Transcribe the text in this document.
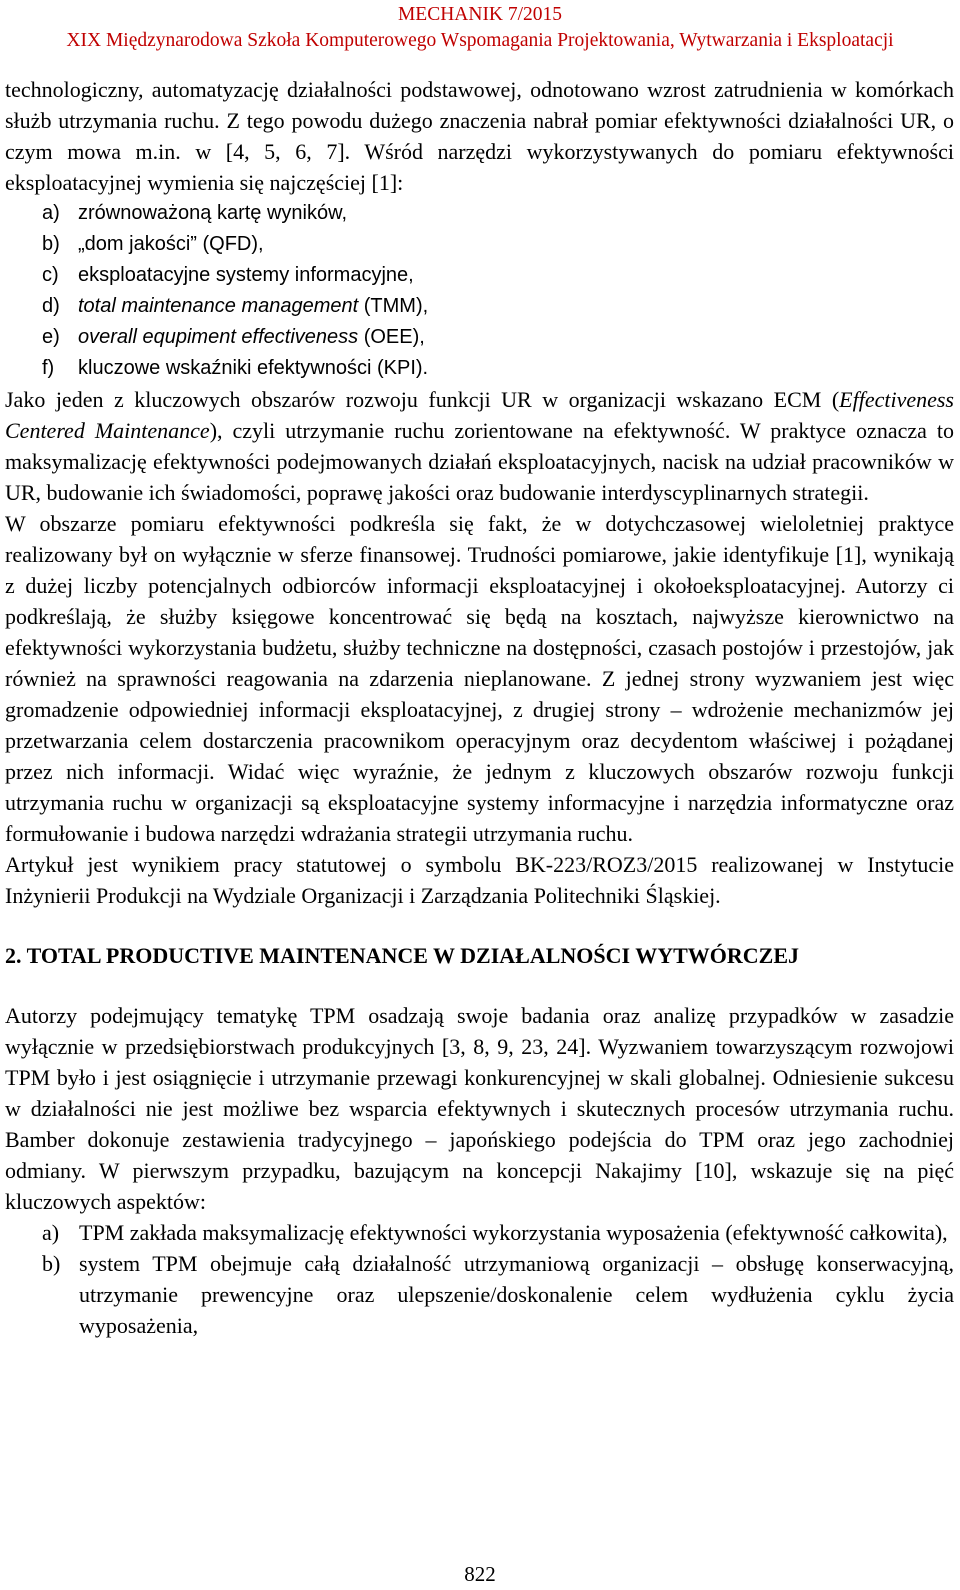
MECHANIK 7/2015
XIX Międzynarodowa Szkoła Komputerowego Wspomagania Projektowania, Wytwarzania i Eksploatacji

technologiczny, automatyzację działalności podstawowej, odnotowano wzrost zatrudnienia w komórkach służb utrzymania ruchu. Z tego powodu dużego znaczenia nabrał pomiar efektywności działalności UR, o czym mowa m.in. w [4, 5, 6, 7]. Wśród narzędzi wykorzystywanych do pomiaru efektywności eksploatacyjnej wymienia się najczęściej [1]:

a) zrównoważoną kartę wyników,
b) „dom jakości” (QFD),
c) eksploatacyjne systemy informacyjne,
d) total maintenance management (TMM),
e) overall equpiment effectiveness (OEE),
f)	kluczowe wskaźniki efektywności (KPI).

Jako jeden z kluczowych obszarów rozwoju funkcji UR w organizacji wskazano ECM (Effectiveness Centered Maintenance), czyli utrzymanie ruchu zorientowane na efektywność. W praktyce oznacza to maksymalizację efektywności podejmowanych działań eksploatacyjnych, nacisk na udział pracowników w UR, budowanie ich świadomości, poprawę jakości oraz budowanie interdyscyplinarnych strategii.

W obszarze pomiaru efektywności podkreśla się fakt, że w dotychczasowej wieloletniej praktyce realizowany był on wyłącznie w sferze finansowej. Trudności pomiarowe, jakie identyfikuje [1], wynikają z dużej liczby potencjalnych odbiorców informacji eksploatacyjnej i okołoeksploatacyjnej. Autorzy ci podkreślają, że służby księgowe koncentrować się będą na kosztach, najwyższe kierownictwo na efektywności wykorzystania budżetu, służby techniczne na dostępności, czasach postojów i przestojów, jak również na sprawności reagowania na zdarzenia nieplanowane. Z jednej strony wyzwaniem jest więc gromadzenie odpowiedniej informacji eksploatacyjnej, z drugiej strony – wdrożenie mechanizmów jej przetwarzania celem dostarczenia pracownikom operacyjnym oraz decydentom właściwej i pożądanej przez nich informacji. Widać więc wyraźnie, że jednym z kluczowych obszarów rozwoju funkcji utrzymania ruchu w organizacji są eksploatacyjne systemy informacyjne i narzędzia informatyczne oraz formułowanie i budowa narzędzi wdrażania strategii utrzymania ruchu.

Artykuł jest wynikiem pracy statutowej o symbolu BK-223/ROZ3/2015 realizowanej w Instytucie Inżynierii Produkcji na Wydziale Organizacji i Zarządzania Politechniki Śląskiej.

2. TOTAL PRODUCTIVE MAINTENANCE W DZIAŁALNOŚCI WYTWÓRCZEJ

Autorzy podejmujący tematykę TPM osadzają swoje badania oraz analizę przypadków w zasadzie wyłącznie w przedsiębiorstwach produkcyjnych [3, 8, 9, 23, 24]. Wyzwaniem towarzyszącym rozwojowi TPM było i jest osiągnięcie i utrzymanie przewagi konkurencyjnej w skali globalnej. Odniesienie sukcesu w działalności nie jest możliwe bez wsparcia efektywnych i skutecznych procesów utrzymania ruchu. Bamber dokonuje zestawienia tradycyjnego – japońskiego podejścia do TPM oraz jego zachodniej odmiany. W pierwszym przypadku, bazującym na koncepcji Nakajimy [10], wskazuje się na pięć kluczowych aspektów:

a) TPM zakłada maksymalizację efektywności wykorzystania wyposażenia (efektywność całkowita),
b) system TPM obejmuje całą działalność utrzymaniową organizacji – obsługę konserwacyjną, utrzymanie prewencyjne oraz ulepszenie/doskonalenie celem wydłużenia cyklu życia wyposażenia,
822
